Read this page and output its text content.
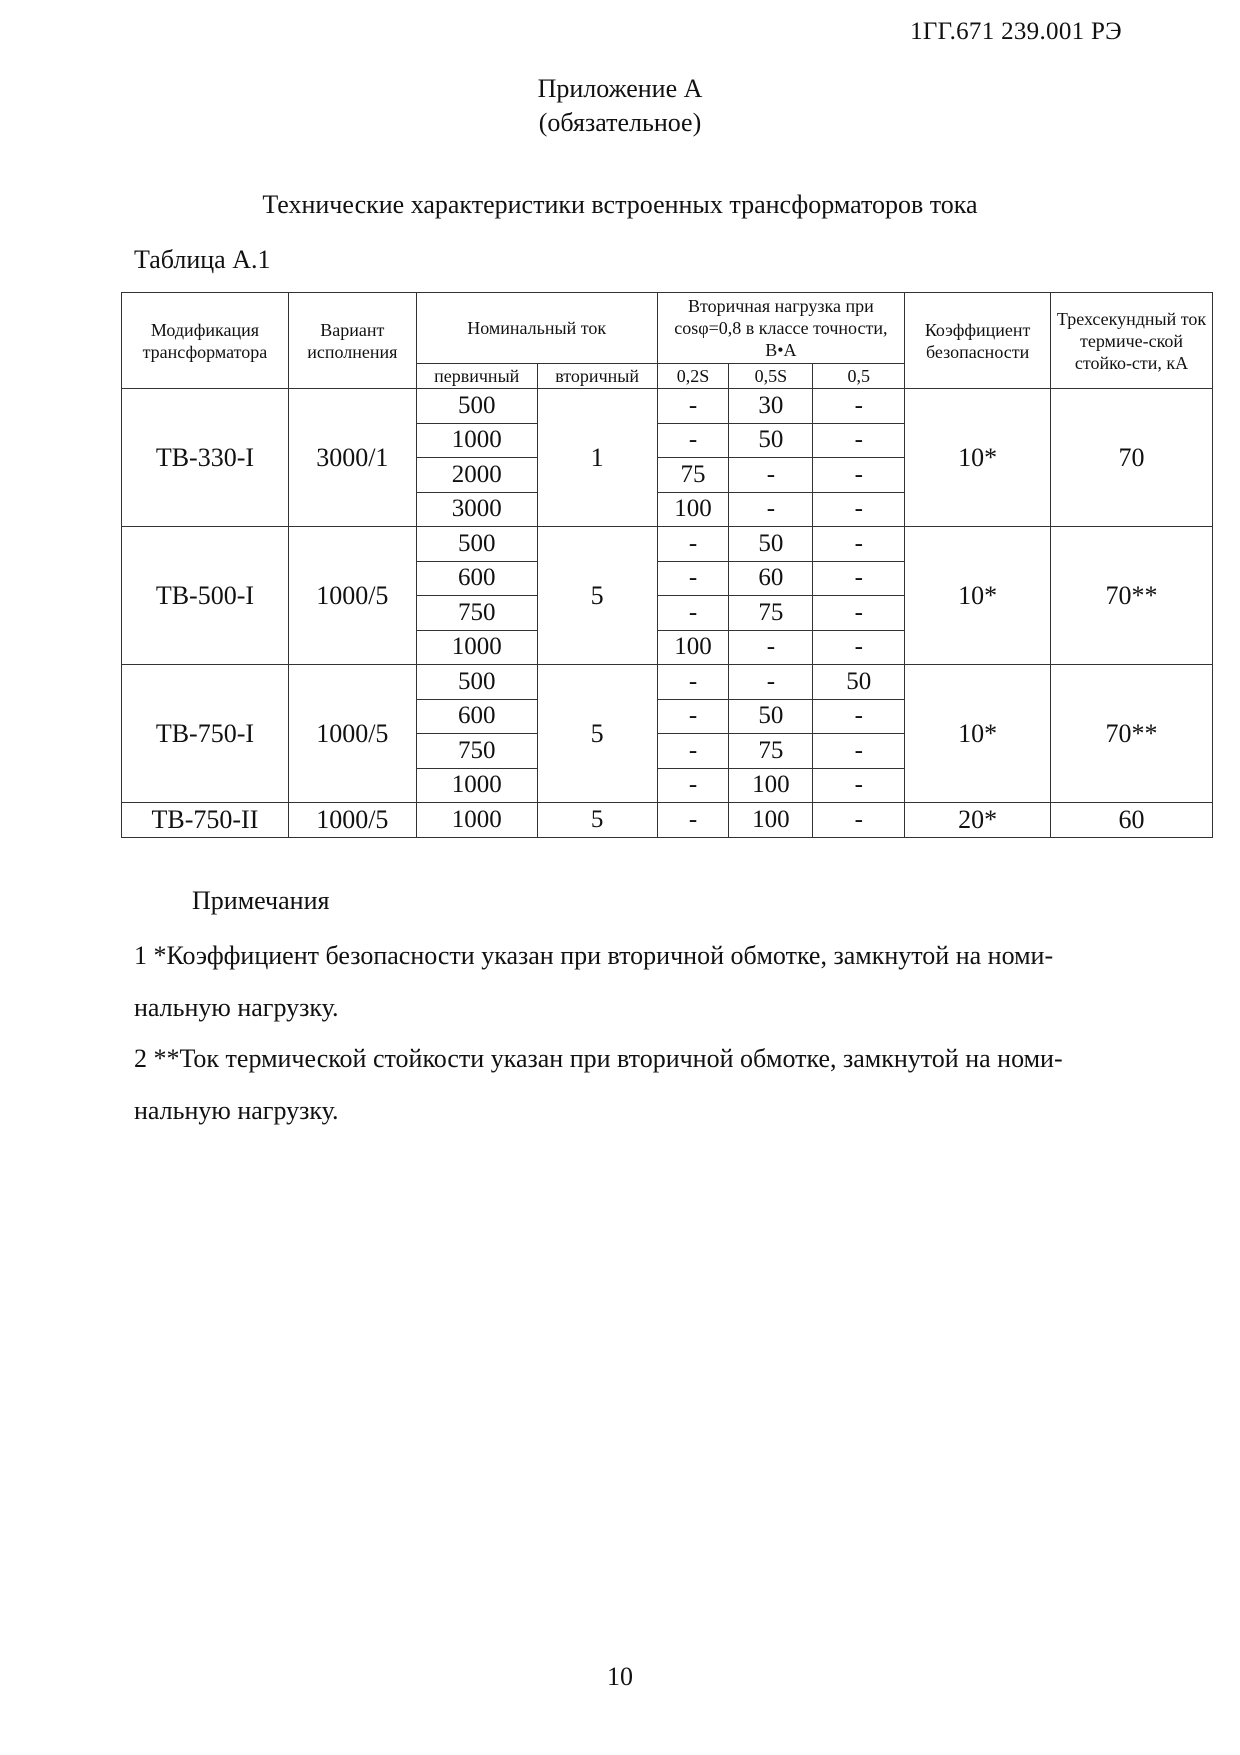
1ГГ.671 239.001 РЭ
Приложение А
(обязательное)
Технические характеристики встроенных трансформаторов тока
Таблица А.1
Модификация трансформатора	Вариант исполнения	Номинальный ток		Вторичная нагрузка при cosφ=0,8 в классе точности, В•А			Коэффициент безопасности	Трехсекундный ток термиче-ской стойко-сти, кА
		первичный	вторичный	0,2S	0,5S	0,5		
ТВ-330-I	3000/1	500	1	-	30	-	10*	70
		1000		-	50	-		
		2000		75	-	-		
		3000		100	-	-		
ТВ-500-I	1000/5	500	5	-	50	-	10*	70**
		600		-	60	-		
		750		-	75	-		
		1000		100	-	-		
ТВ-750-I	1000/5	500	5	-	-	50	10*	70**
		600		-	50	-		
		750		-	75	-		
		1000		-	100	-		
ТВ-750-II	1000/5	1000	5	-	100	-	20*	60
Примечания
1 *Коэффициент безопасности указан при вторичной обмотке, замкнутой на номи-нальную нагрузку.
2 **Ток термической стойкости указан при вторичной обмотке, замкнутой на номи-нальную нагрузку.
10
